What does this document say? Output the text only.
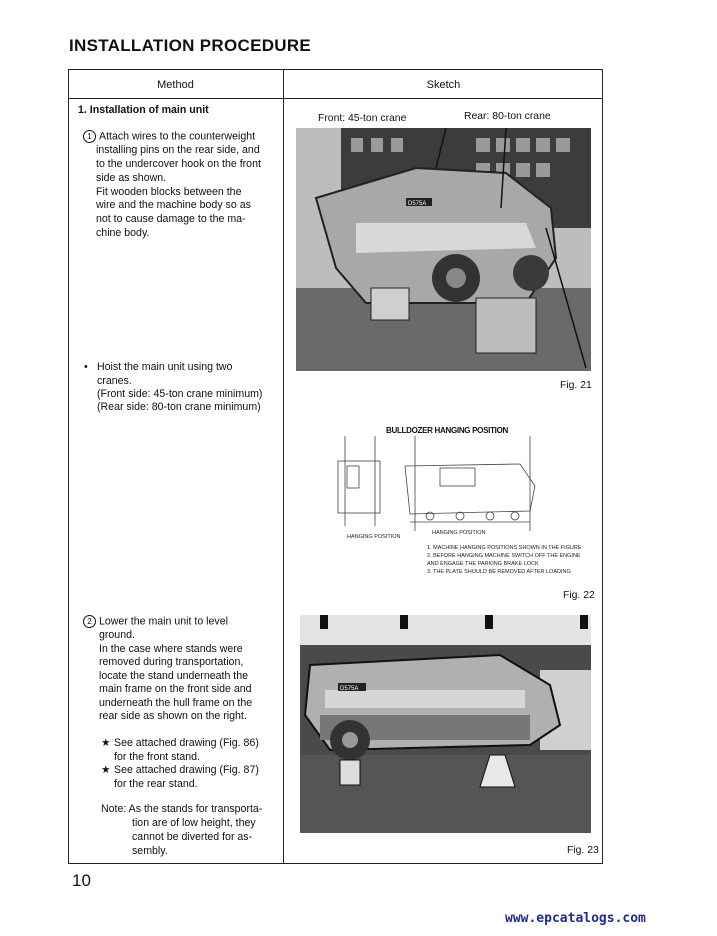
INSTALLATION PROCEDURE
Method	Sketch
1. Installation of main unit
1 Attach wires to the counterweight
installing pins on the rear side, and
to the undercover hook on the front
side as shown.
Fit wooden blocks between the
wire and the machine body so as
not to cause damage to the ma-
chine body.
• Hoist the main unit using two
cranes.
(Front side: 45-ton crane minimum)
(Rear side: 80-ton crane minimum)
2 Lower the main unit to level
ground.
In the case where stands were
removed during transportation,
locate the stand underneath the
main frame on the front side and
underneath the hull frame on the
rear side as shown on the right.
★ See attached drawing (Fig. 86)
for the front stand.
★ See attached drawing (Fig. 87)
for the rear stand.
Note: As the stands for transporta-
tion are of low height, they
cannot be diverted for as-
sembly.
Front: 45-ton crane	Rear: 80-ton crane
D575A
Fig. 21
BULLDOZER HANGING POSITION
HANGING POSITION
HANGING POSITION
1. MACHINE HANGING POSITIONS SHOWN IN THE FIGURE
2. BEFORE HANGING MACHINE SWITCH OFF THE ENGINE
AND ENGAGE THE PARKING BRAKE LOCK
3. THE PLATE SHOULD BE REMOVED AFTER LOADING
Fig. 22
D575A
Fig. 23
10
www.epcatalogs.com
